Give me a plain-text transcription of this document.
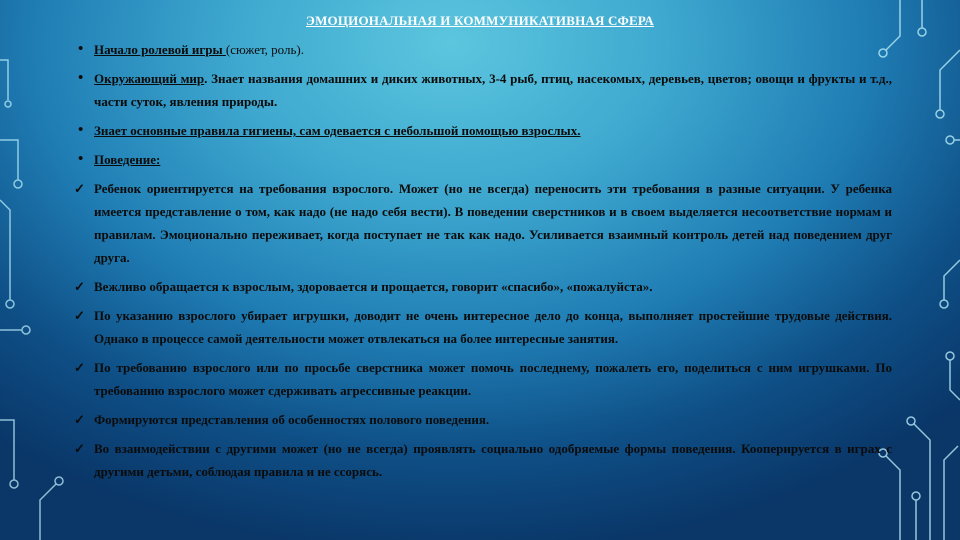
ЭМОЦИОНАЛЬНАЯ И КОММУНИКАТИВНАЯ СФЕРА
• Начало ролевой игры (сюжет, роль).
• Окружающий мир. Знает названия домашних и диких животных, 3-4 рыб, птиц, насекомых, деревьев, цветов; овощи и фрукты и т.д., части суток, явления природы.
• Знает основные правила гигиены, сам одевается с небольшой помощью взрослых.
• Поведение:
✓ Ребенок ориентируется на требования взрослого. Может (но не всегда) переносить эти требования в разные ситуации. У ребенка имеется представление о том, как надо (не надо себя вести). В поведении сверстников и в своем выделяется несоответствие нормам и правилам. Эмоционально переживает, когда поступает не так как надо. Усиливается взаимный контроль детей над поведением друг друга.
✓ Вежливо обращается к взрослым, здоровается и прощается, говорит «спасибо», «пожалуйста».
✓ По указанию взрослого убирает игрушки, доводит не очень интересное дело до конца, выполняет простейшие трудовые действия. Однако в процессе самой деятельности может отвлекаться на более интересные занятия.
✓ По требованию взрослого или по просьбе сверстника может помочь последнему, пожалеть его, поделиться с ним игрушками. По требованию взрослого может сдерживать агрессивные реакции.
✓ Формируются представления об особенностях полового поведения.
✓ Во взаимодействии с другими может (но не всегда) проявлять социально одобряемые формы поведения. Кооперируется в играх с другими детьми, соблюдая правила и не ссорясь.
